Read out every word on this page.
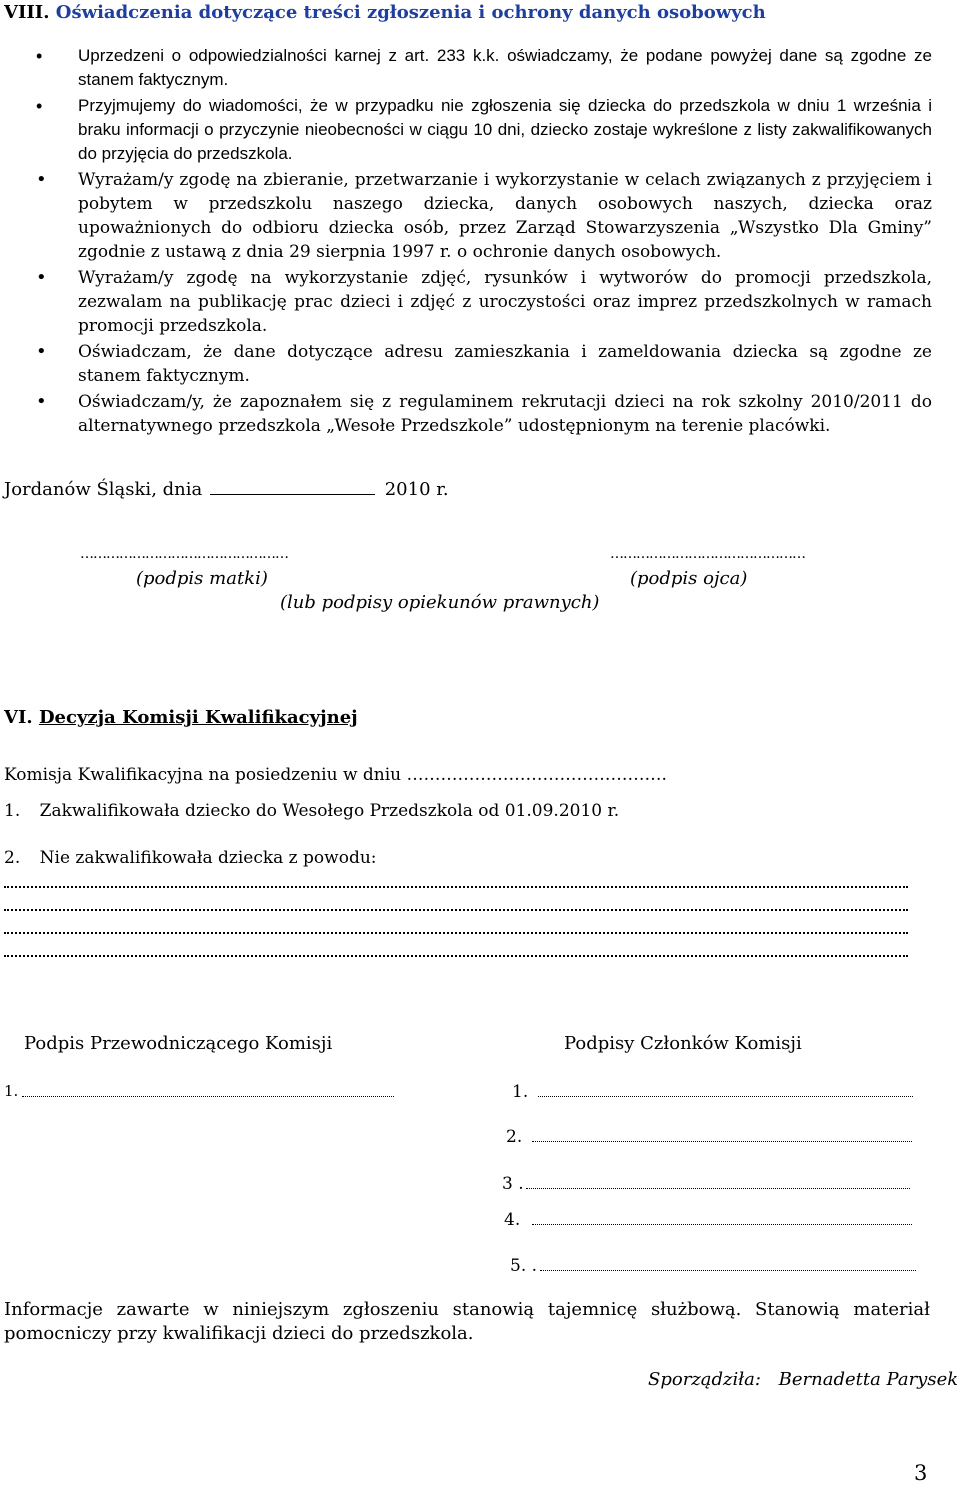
VIII. Oświadczenia dotyczące treści zgłoszenia i ochrony danych osobowych
• Uprzedzeni o odpowiedzialności karnej z art. 233 k.k. oświadczamy, że podane powyżej dane są zgodne ze stanem faktycznym.
• Przyjmujemy do wiadomości, że w przypadku nie zgłoszenia się dziecka do przedszkola w dniu 1 września i braku informacji o przyczynie nieobecności w ciągu 10 dni, dziecko zostaje wykreślone z listy zakwalifikowanych do przyjęcia do przedszkola.
• Wyrażam/y zgodę na zbieranie, przetwarzanie i wykorzystanie w celach związanych z przyjęciem i pobytem w przedszkolu naszego dziecka, danych osobowych naszych, dziecka oraz upoważnionych do odbioru dziecka osób, przez Zarząd Stowarzyszenia „Wszystko Dla Gminy” zgodnie z ustawą z dnia 29 sierpnia 1997 r. o ochronie danych osobowych.
• Wyrażam/y zgodę na wykorzystanie zdjęć, rysunków i wytworów do promocji przedszkola, zezwalam na publikację prac dzieci i zdjęć z uroczystości oraz imprez przedszkolnych w ramach promocji przedszkola.
• Oświadczam, że dane dotyczące adresu zamieszkania i zameldowania dziecka są zgodne ze stanem faktycznym.
• Oświadczam/y, że zapoznałem się z regulaminem rekrutacji dzieci na rok szkolny 2010/2011 do alternatywnego przedszkola „Wesołe Przedszkole” udostępnionym na terenie placówki.
Jordanów Śląski, dnia	2010 r.
…………………………………………	………………………………………
(podpis matki)	(podpis ojca)
(lub podpisy opiekunów prawnych)
VI. Decyzja Komisji Kwalifikacyjnej
Komisja Kwalifikacyjna na posiedzeniu w dniu ……………………………………….
1. Zakwalifikowała dziecko do Wesołego Przedszkola od 01.09.2010 r.
2. Nie zakwalifikowała dziecka z powodu:
Podpis Przewodniczącego Komisji	Podpisy Członków Komisji
1.	1.
2.
3 .
4.
5. .
Informacje zawarte w niniejszym zgłoszeniu stanowią tajemnicę służbową. Stanowią materiał pomocniczy przy kwalifikacji dzieci do przedszkola.
Sporządziła: Bernadetta Parysek
3
